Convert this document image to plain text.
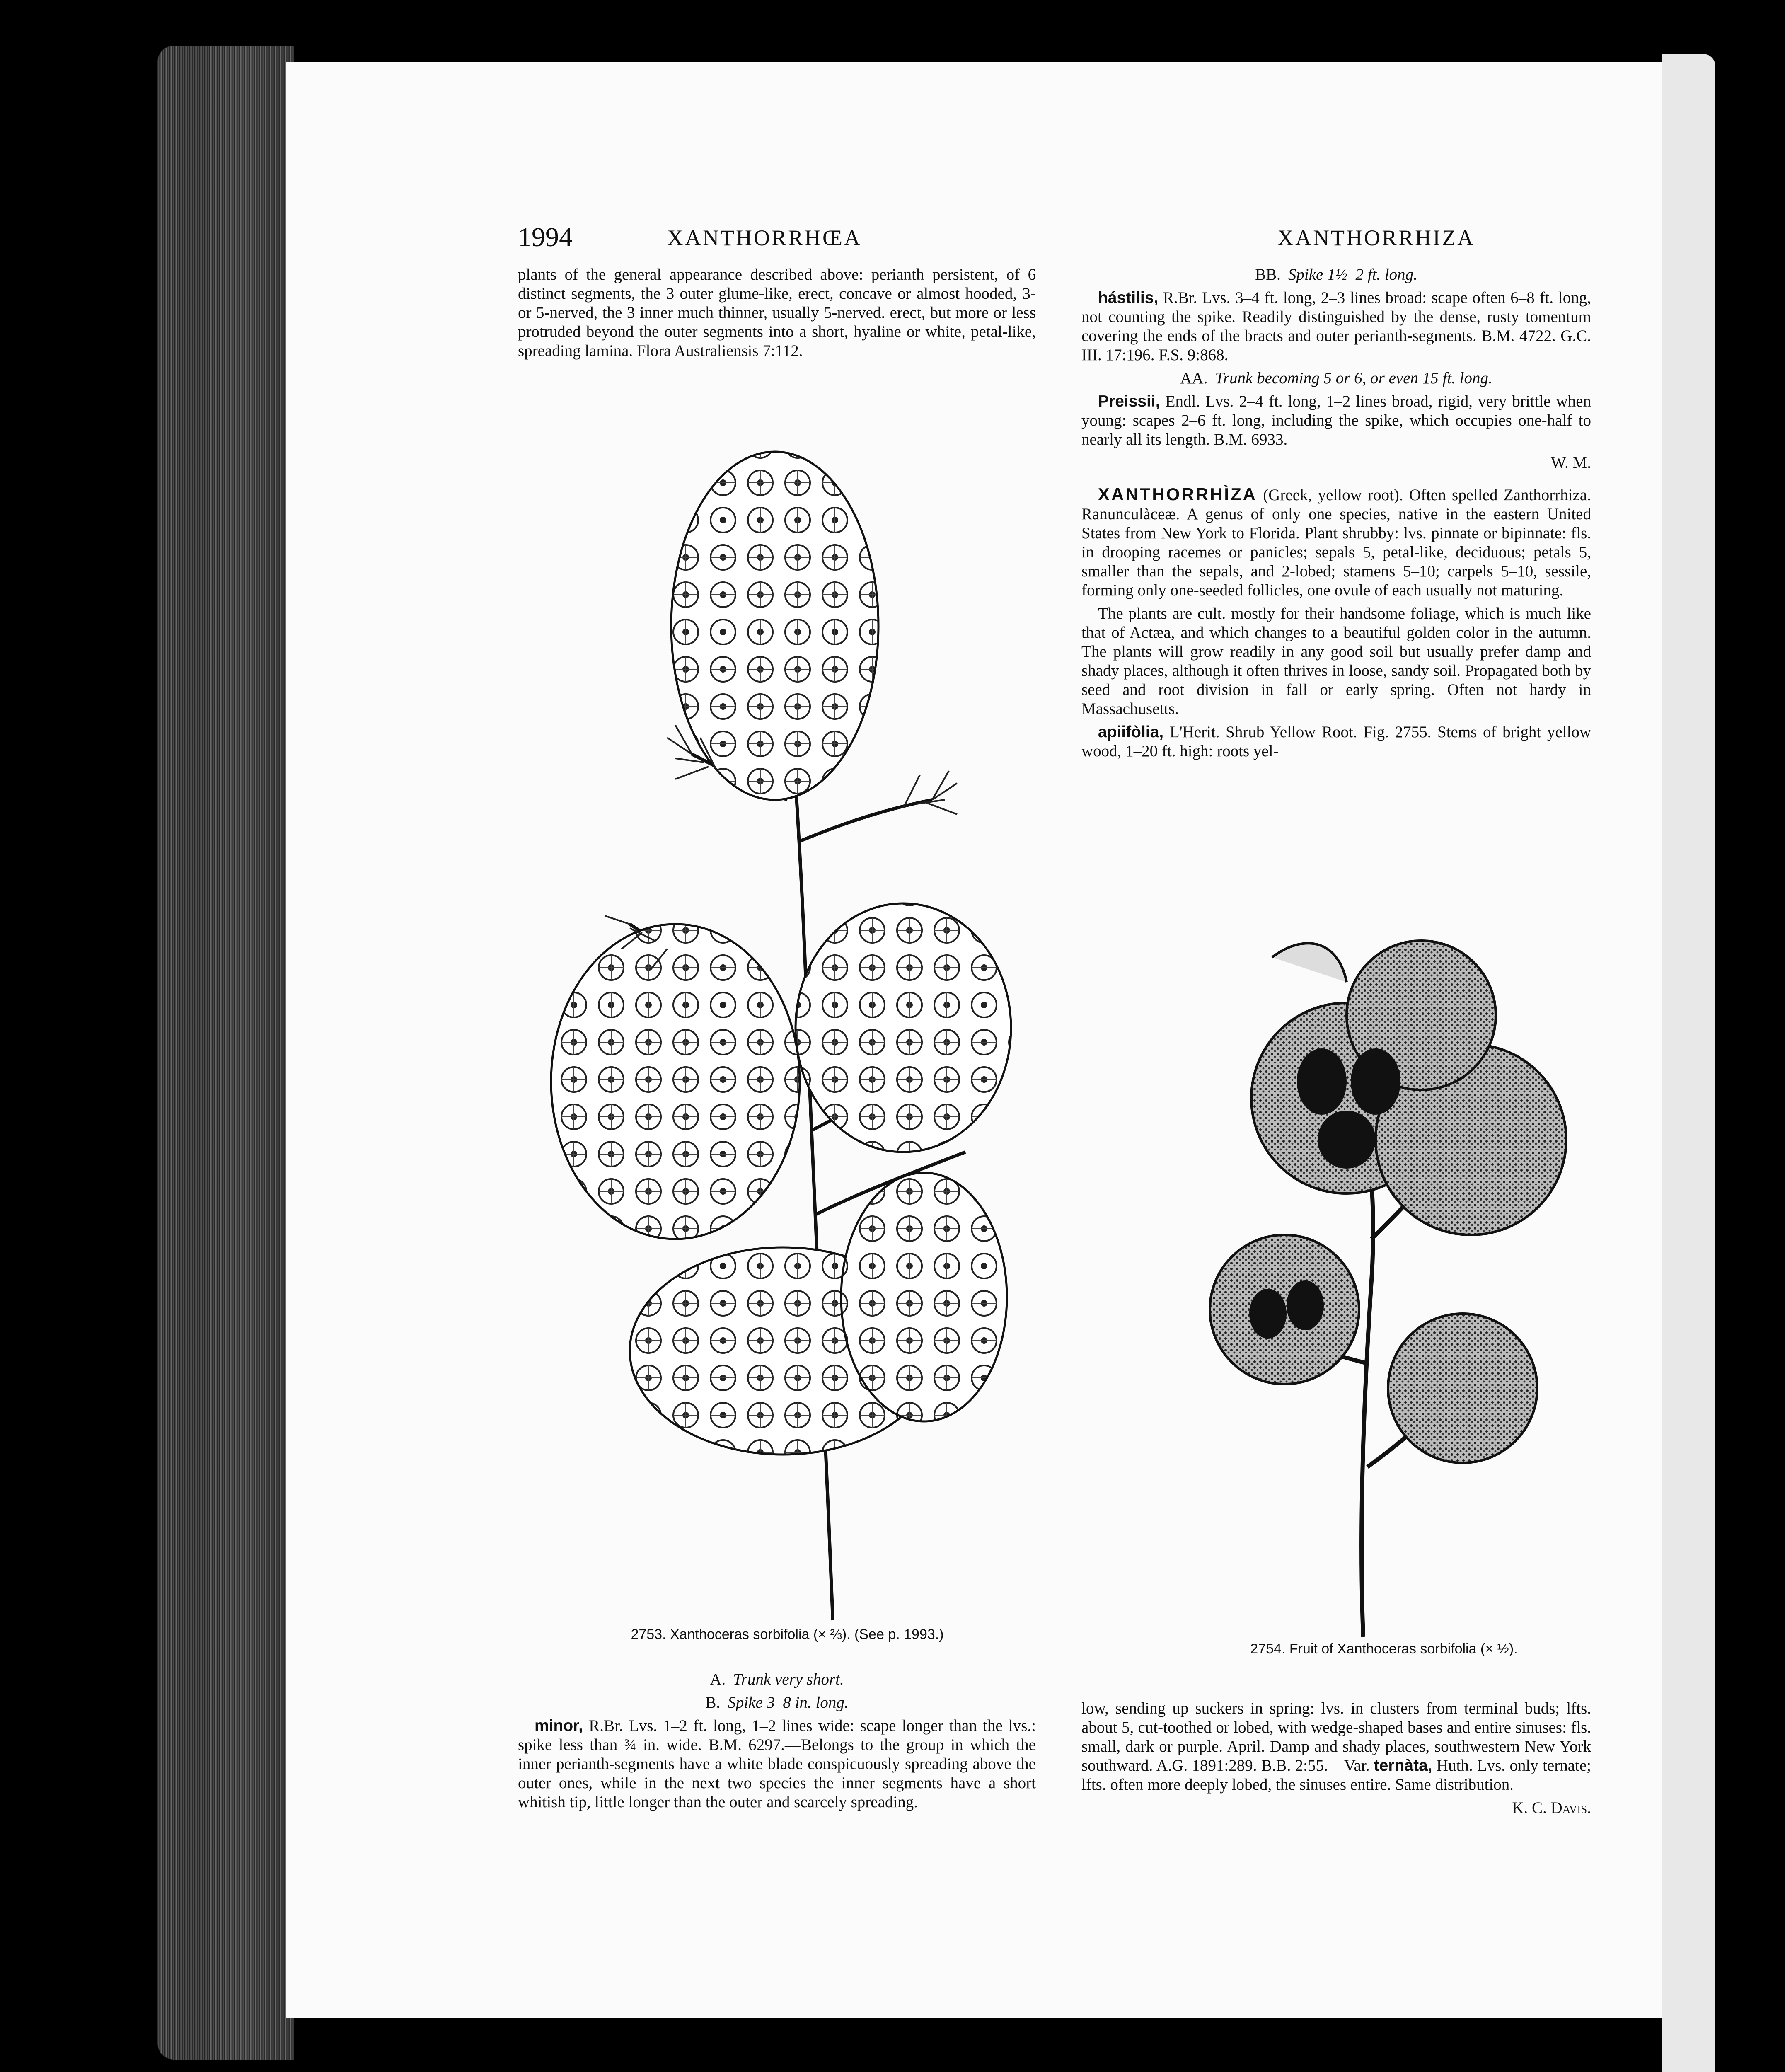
1994	XANTHORRHŒA	XANTHORRHIZA

plants of the general appearance described above: perianth persistent, of 6 distinct segments, the 3 outer glume-like, erect, concave or almost hooded, 3- or 5-nerved, the 3 inner much thinner, usually 5-nerved. erect, but more or less protruded beyond the outer segments into a short, hyaline or white, petal-like, spreading lamina. Flora Australiensis 7:112.

BB. Spike 1½–2 ft. long.

hástilis, R.Br. Lvs. 3–4 ft. long, 2–3 lines broad: scape often 6–8 ft. long, not counting the spike. Readily distinguished by the dense, rusty tomentum covering the ends of the bracts and outer perianth-segments. B.M. 4722. G.C. III. 17:196. F.S. 9:868.

AA. Trunk becoming 5 or 6, or even 15 ft. long.

Preissii, Endl. Lvs. 2–4 ft. long, 1–2 lines broad, rigid, very brittle when young: scapes 2–6 ft. long, including the spike, which occupies one-half to nearly all its length. B.M. 6933.

W. M.

XANTHORRHÌZA (Greek, yellow root). Often spelled Zanthorrhiza. Ranunculàceæ. A genus of only one species, native in the eastern United States from New York to Florida. Plant shrubby: lvs. pinnate or bipinnate: fls. in drooping racemes or panicles; sepals 5, petal-like, deciduous; petals 5, smaller than the sepals, and 2-lobed; stamens 5–10; carpels 5–10, sessile, forming only one-seeded follicles, one ovule of each usually not maturing.

The plants are cult. mostly for their handsome foliage, which is much like that of Actæa, and which changes to a beautiful golden color in the autumn. The plants will grow readily in any good soil but usually prefer damp and shady places, although it often thrives in loose, sandy soil. Propagated both by seed and root division in fall or early spring. Often not hardy in Massachusetts.

apiifòlia, L'Herit. Shrub Yellow Root. Fig. 2755. Stems of bright yellow wood, 1–20 ft. high: roots yel-

2753. Xanthoceras sorbifolia (× ⅔). (See p. 1993.)
2754. Fruit of Xanthoceras sorbifolia (× ½).

A. Trunk very short.

B. Spike 3–8 in. long.

minor, R.Br. Lvs. 1–2 ft. long, 1–2 lines wide: scape longer than the lvs.: spike less than ¾ in. wide. B.M. 6297.—Belongs to the group in which the inner perianth-segments have a white blade conspicuously spreading above the outer ones, while in the next two species the inner segments have a short whitish tip, little longer than the outer and scarcely spreading.

low, sending up suckers in spring: lvs. in clusters from terminal buds; lfts. about 5, cut-toothed or lobed, with wedge-shaped bases and entire sinuses: fls. small, dark or purple. April. Damp and shady places, southwestern New York southward. A.G. 1891:289. B.B. 2:55.—Var. ternàta, Huth. Lvs. only ternate; lfts. often more deeply lobed, the sinuses entire. Same distribution.

K. C. Davis.
